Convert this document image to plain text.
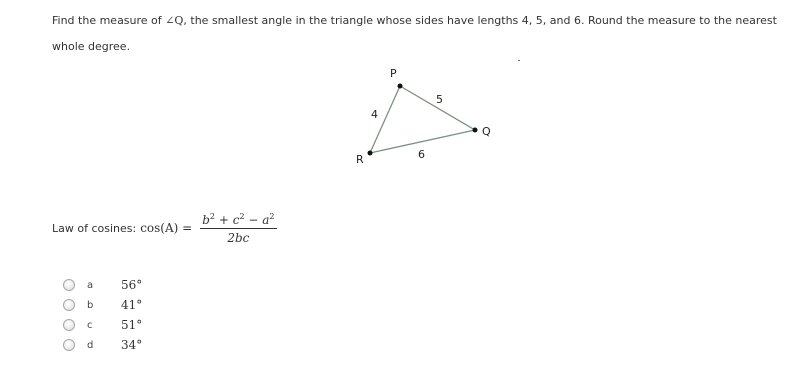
Find the measure of ∠Q, the smallest angle in the triangle whose sides have lengths 4, 5, and 6. Round the measure to the nearest whole degree.
P
Q
R
4
5
6
Law of cosines: $\cos(A) = \frac{b^2 + c^2 - a^2}{2bc}$
a	56°
b	41°
c	51°
d	34°
